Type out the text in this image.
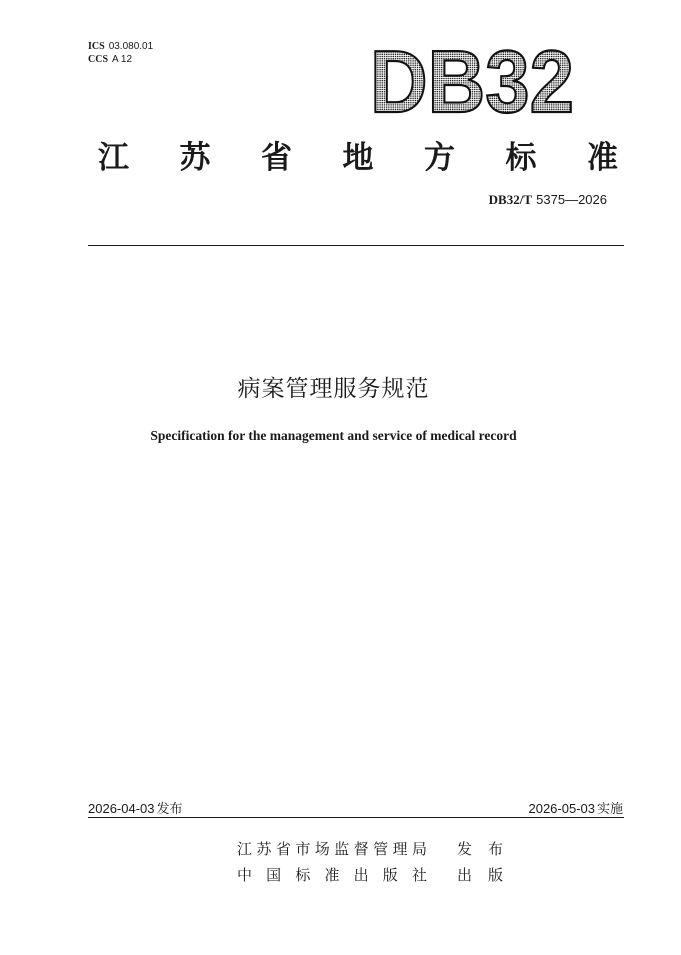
ICS 03.080.01
CCS A 12	DB32
江 苏 省 地 方 标 准
DB32/T 5375—2026
病案管理服务规范
Specification for the management and service of medical record
2026-04-03 发布	2026-05-03 实施
江 苏 省 市 场 监 督 管 理 局 发 布
中 国 标 准 出 版 社 出 版
